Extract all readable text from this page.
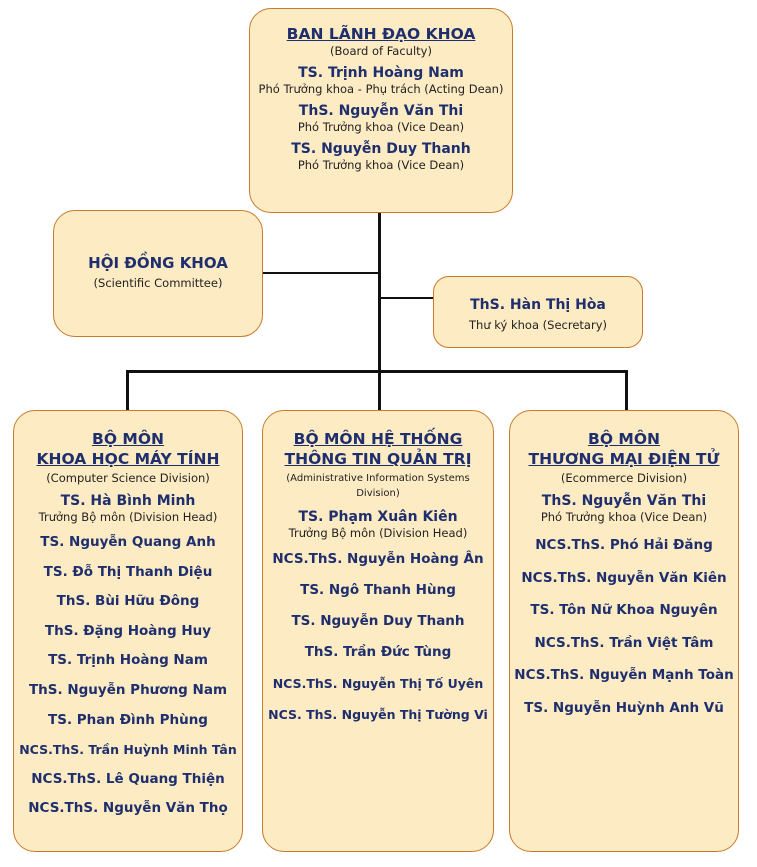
BAN LÃNH ĐẠO KHOA
(Board of Faculty)
TS. Trịnh Hoàng Nam
Phó Trưởng khoa - Phụ trách (Acting Dean)
ThS. Nguyễn Văn Thi
Phó Trưởng khoa (Vice Dean)
TS. Nguyễn Duy Thanh
Phó Trưởng khoa (Vice Dean)
HỘI ĐỒNG KHOA
(Scientific Committee)
ThS. Hàn Thị Hòa
Thư ký khoa (Secretary)
BỘ MÔN
KHOA HỌC MÁY TÍNH
(Computer Science Division)
TS. Hà Bình Minh
Trưởng Bộ môn (Division Head)
TS. Nguyễn Quang Anh
TS. Đỗ Thị Thanh Diệu
ThS. Bùi Hữu Đông
ThS. Đặng Hoàng Huy
TS. Trịnh Hoàng Nam
ThS. Nguyễn Phương Nam
TS. Phan Đình Phùng
NCS.ThS. Trần Huỳnh Minh Tân
NCS.ThS. Lê Quang Thiện
NCS.ThS. Nguyễn Văn Thọ
BỘ MÔN HỆ THỐNG
THÔNG TIN QUẢN TRỊ
(Administrative Information Systems Division)
TS. Phạm Xuân Kiên
Trưởng Bộ môn (Division Head)
NCS.ThS. Nguyễn Hoàng Ân
TS. Ngô Thanh Hùng
TS. Nguyễn Duy Thanh
ThS. Trần Đức Tùng
NCS.ThS. Nguyễn Thị Tố Uyên
NCS. ThS. Nguyễn Thị Tường Vi
BỘ MÔN
THƯƠNG MẠI ĐIỆN TỬ
(Ecommerce Division)
ThS. Nguyễn Văn Thi
Phó Trưởng khoa (Vice Dean)
NCS.ThS. Phó Hải Đăng
NCS.ThS. Nguyễn Văn Kiên
TS. Tôn Nữ Khoa Nguyên
NCS.ThS. Trần Việt Tâm
NCS.ThS. Nguyễn Mạnh Toàn
TS. Nguyễn Huỳnh Anh Vũ
